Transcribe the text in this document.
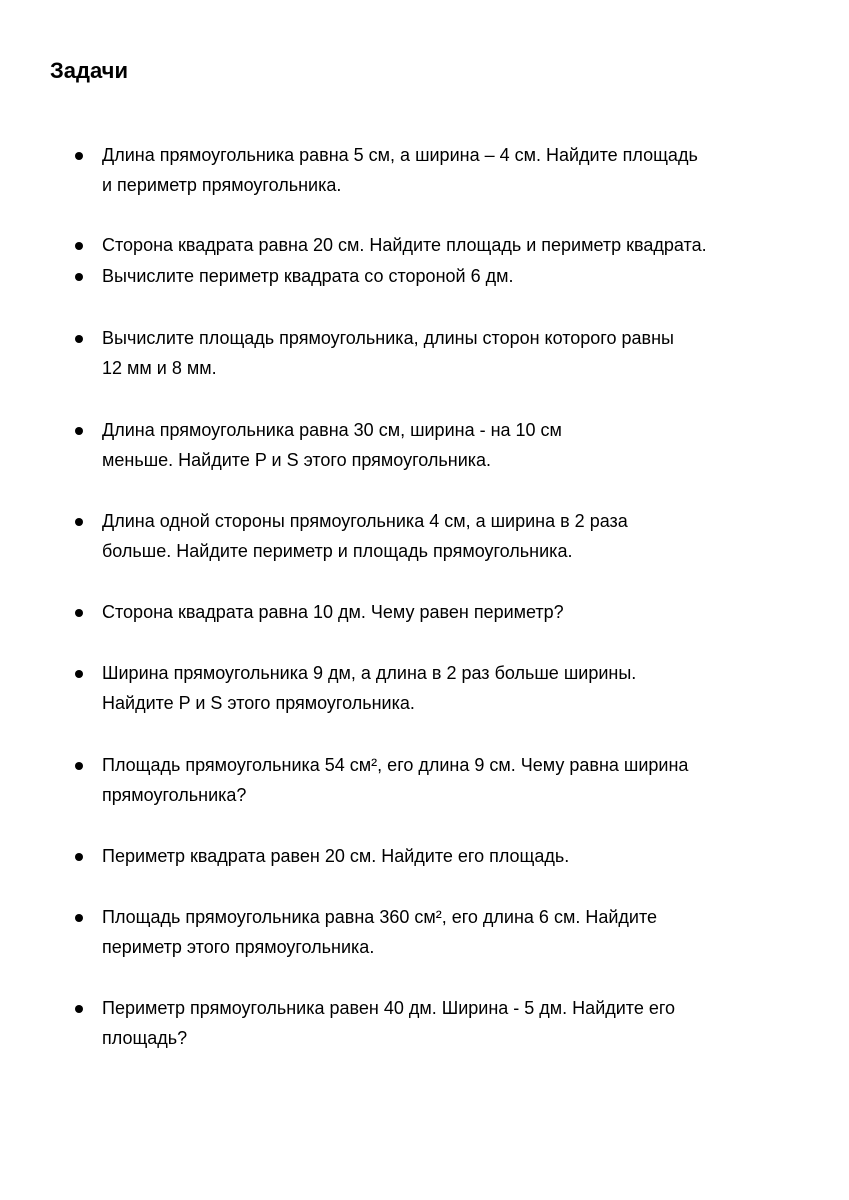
Задачи
Длина прямоугольника равна 5 см, а ширина – 4 см. Найдите площадь
и периметр прямоугольника.
Сторона квадрата равна 20 см. Найдите площадь и периметр квадрата.
Вычислите периметр квадрата со стороной 6 дм.
Вычислите площадь прямоугольника, длины сторон которого равны
12 мм и 8 мм.
Длина прямоугольника равна 30 см, ширина - на 10 см
меньше. Найдите P и S этого прямоугольника.
Длина одной стороны прямоугольника 4 см, а ширина в 2 раза
больше. Найдите периметр и площадь прямоугольника.
Сторона квадрата равна 10 дм. Чему равен периметр?
Ширина прямоугольника 9 дм, а длина в 2 раз больше ширины.
Найдите P и S этого прямоугольника.
Площадь прямоугольника 54 см², его длина 9 см. Чему равна ширина
прямоугольника?
Периметр квадрата равен 20 см. Найдите его площадь.
Площадь прямоугольника равна 360 см², его длина 6 см. Найдите
периметр этого прямоугольника.
Периметр прямоугольника равен 40 дм. Ширина - 5 дм. Найдите его
площадь?
